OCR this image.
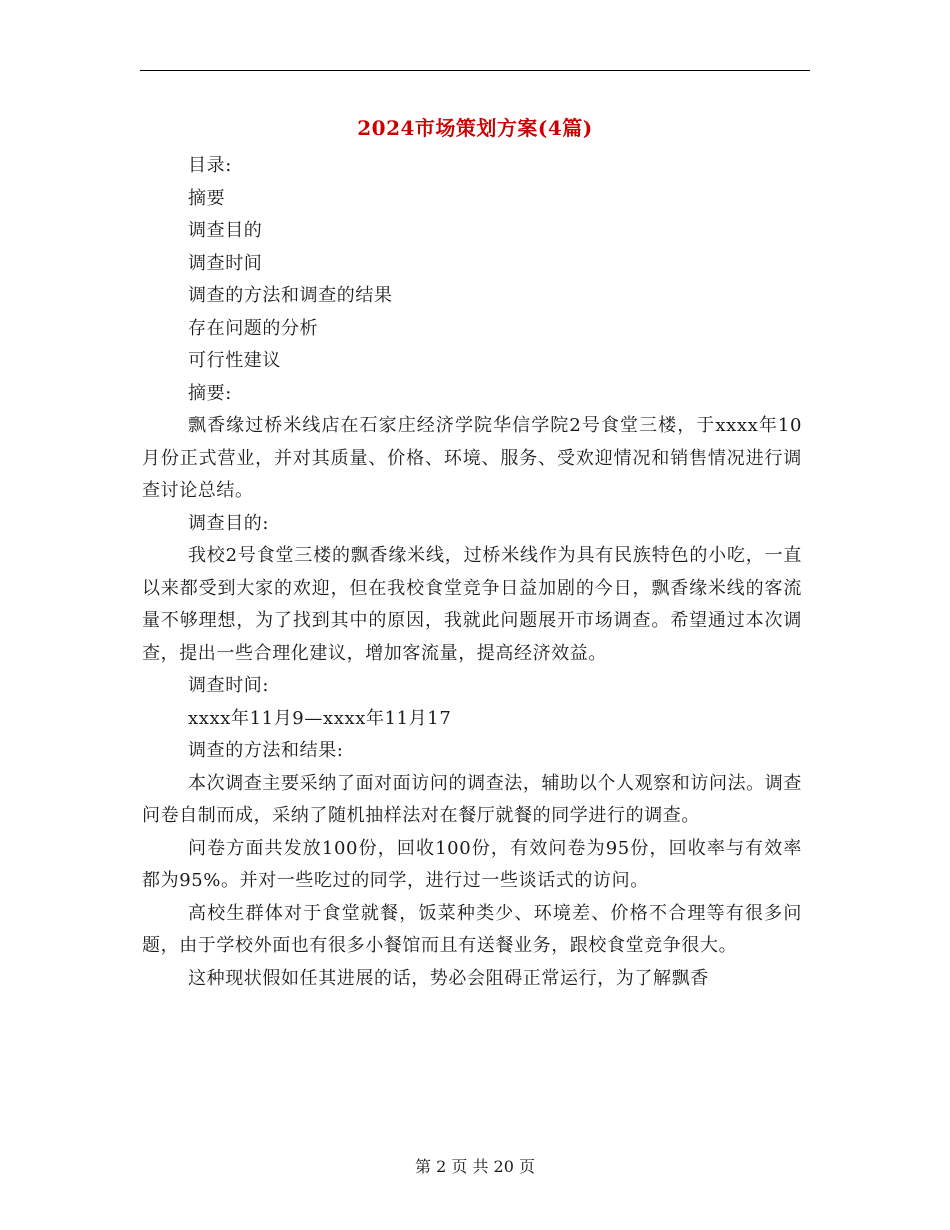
2024市场策划方案(4篇)

目录:

摘要

调查目的

调查时间

调查的方法和调查的结果

存在问题的分析

可行性建议

摘要:

飘香缘过桥米线店在石家庄经济学院华信学院2号食堂三楼，于xxxx年10月份正式营业，并对其质量、价格、环境、服务、受欢迎情况和销售情况进行调查讨论总结。

调查目的:

我校2号食堂三楼的飘香缘米线，过桥米线作为具有民族特色的小吃，一直以来都受到大家的欢迎，但在我校食堂竞争日益加剧的今日，飘香缘米线的客流量不够理想，为了找到其中的原因，我就此问题展开市场调查。希望通过本次调查，提出一些合理化建议，增加客流量，提高经济效益。

调查时间:

xxxx年11月9—xxxx年11月17

调查的方法和结果:

本次调查主要采纳了面对面访问的调查法，辅助以个人观察和访问法。调查问卷自制而成，采纳了随机抽样法对在餐厅就餐的同学进行的调查。

问卷方面共发放100份，回收100份，有效问卷为95份，回收率与有效率都为95%。并对一些吃过的同学，进行过一些谈话式的访问。

高校生群体对于食堂就餐，饭菜种类少、环境差、价格不合理等有很多问题，由于学校外面也有很多小餐馆而且有送餐业务，跟校食堂竞争很大。

这种现状假如任其进展的话，势必会阻碍正常运行，为了解飘香

第 2 页 共 20 页
